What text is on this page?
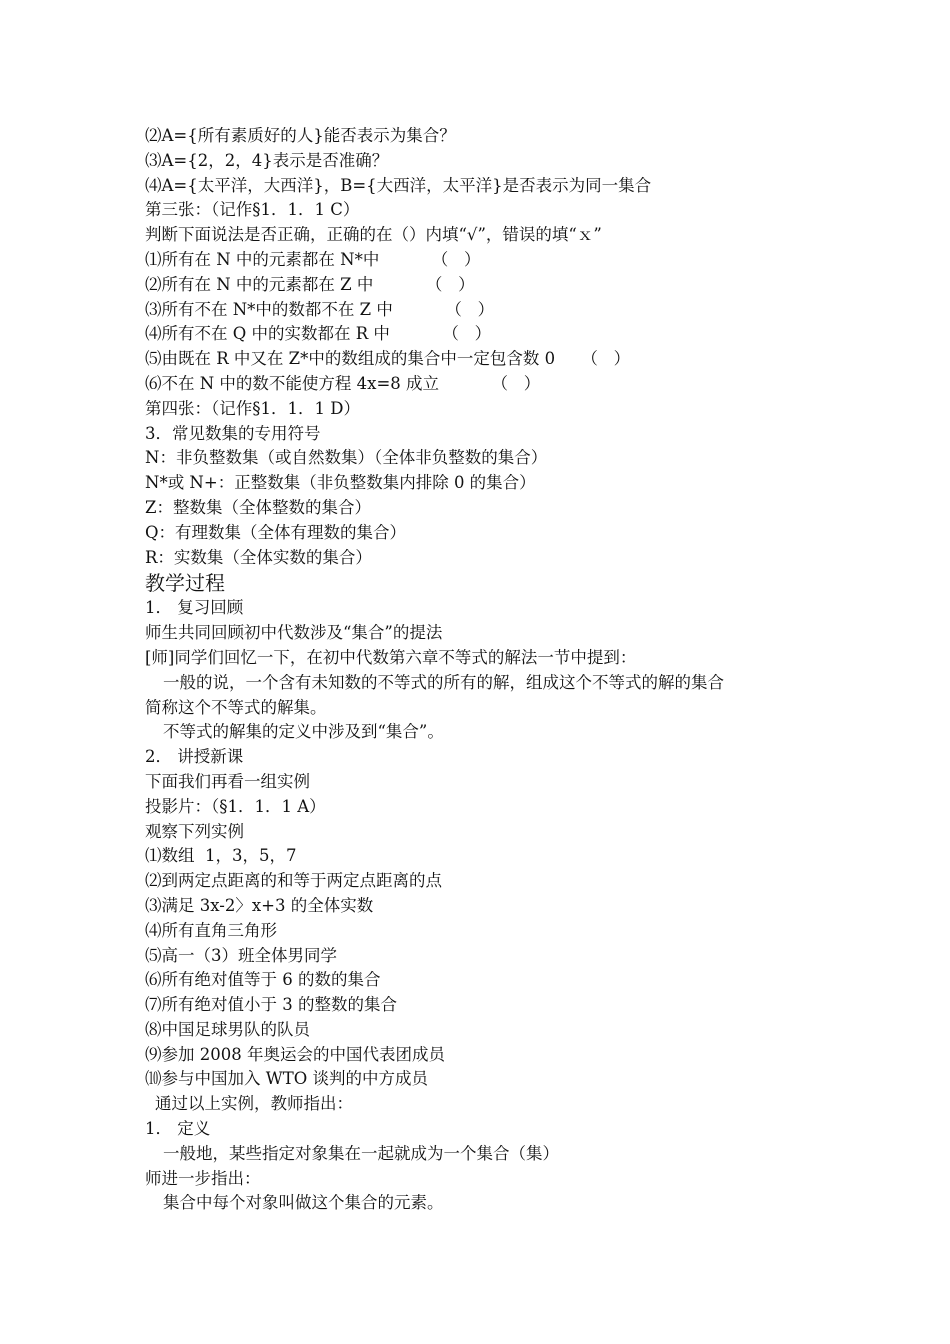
⑵A={所有素质好的人}能否表示为集合？
⑶A={2，2，4}表示是否准确？
⑷A={太平洋，大西洋}，B={大西洋，太平洋}是否表示为同一集合
第三张：（记作§1．1．1 C）
判断下面说法是否正确，正确的在（）内填“√”，错误的填“ｘ”
⑴所有在 N 中的元素都在 N*中          （   ）
⑵所有在 N 中的元素都在 Z 中          （   ）
⑶所有不在 N*中的数都不在 Z 中          （   ）
⑷所有不在 Q 中的实数都在 R 中          （   ）
⑸由既在 R 中又在 Z*中的数组成的集合中一定包含数 0     （   ）
⑹不在 N 中的数不能使方程 4x=8 成立          （   ）
第四张：（记作§1．1．1 D）
3．常见数集的专用符号
N：非负整数集（或自然数集）（全体非负整数的集合）
N*或 N+：正整数集（非负整数集内排除 0 的集合）
Z：整数集（全体整数的集合）
Q：有理数集（全体有理数的集合）
R：实数集（全体实数的集合）
教学过程
1． 复习回顾
师生共同回顾初中代数涉及“集合”的提法
[师]同学们回忆一下，在初中代数第六章不等式的解法一节中提到：
一般的说，一个含有未知数的不等式的所有的解，组成这个不等式的解的集合
简称这个不等式的解集。
不等式的解集的定义中涉及到“集合”。
2． 讲授新课
下面我们再看一组实例
投影片：（§1．1．1 A）
观察下列实例
⑴数组  1，3，5，7
⑵到两定点距离的和等于两定点距离的点
⑶满足 3x-2〉x+3 的全体实数
⑷所有直角三角形
⑸高一（3）班全体男同学
⑹所有绝对值等于 6 的数的集合
⑺所有绝对值小于 3 的整数的集合
⑻中国足球男队的队员
⑼参加 2008 年奥运会的中国代表团成员
⑽参与中国加入 WTO 谈判的中方成员
通过以上实例，教师指出：
1． 定义
一般地，某些指定对象集在一起就成为一个集合（集）
师进一步指出：
集合中每个对象叫做这个集合的元素。
